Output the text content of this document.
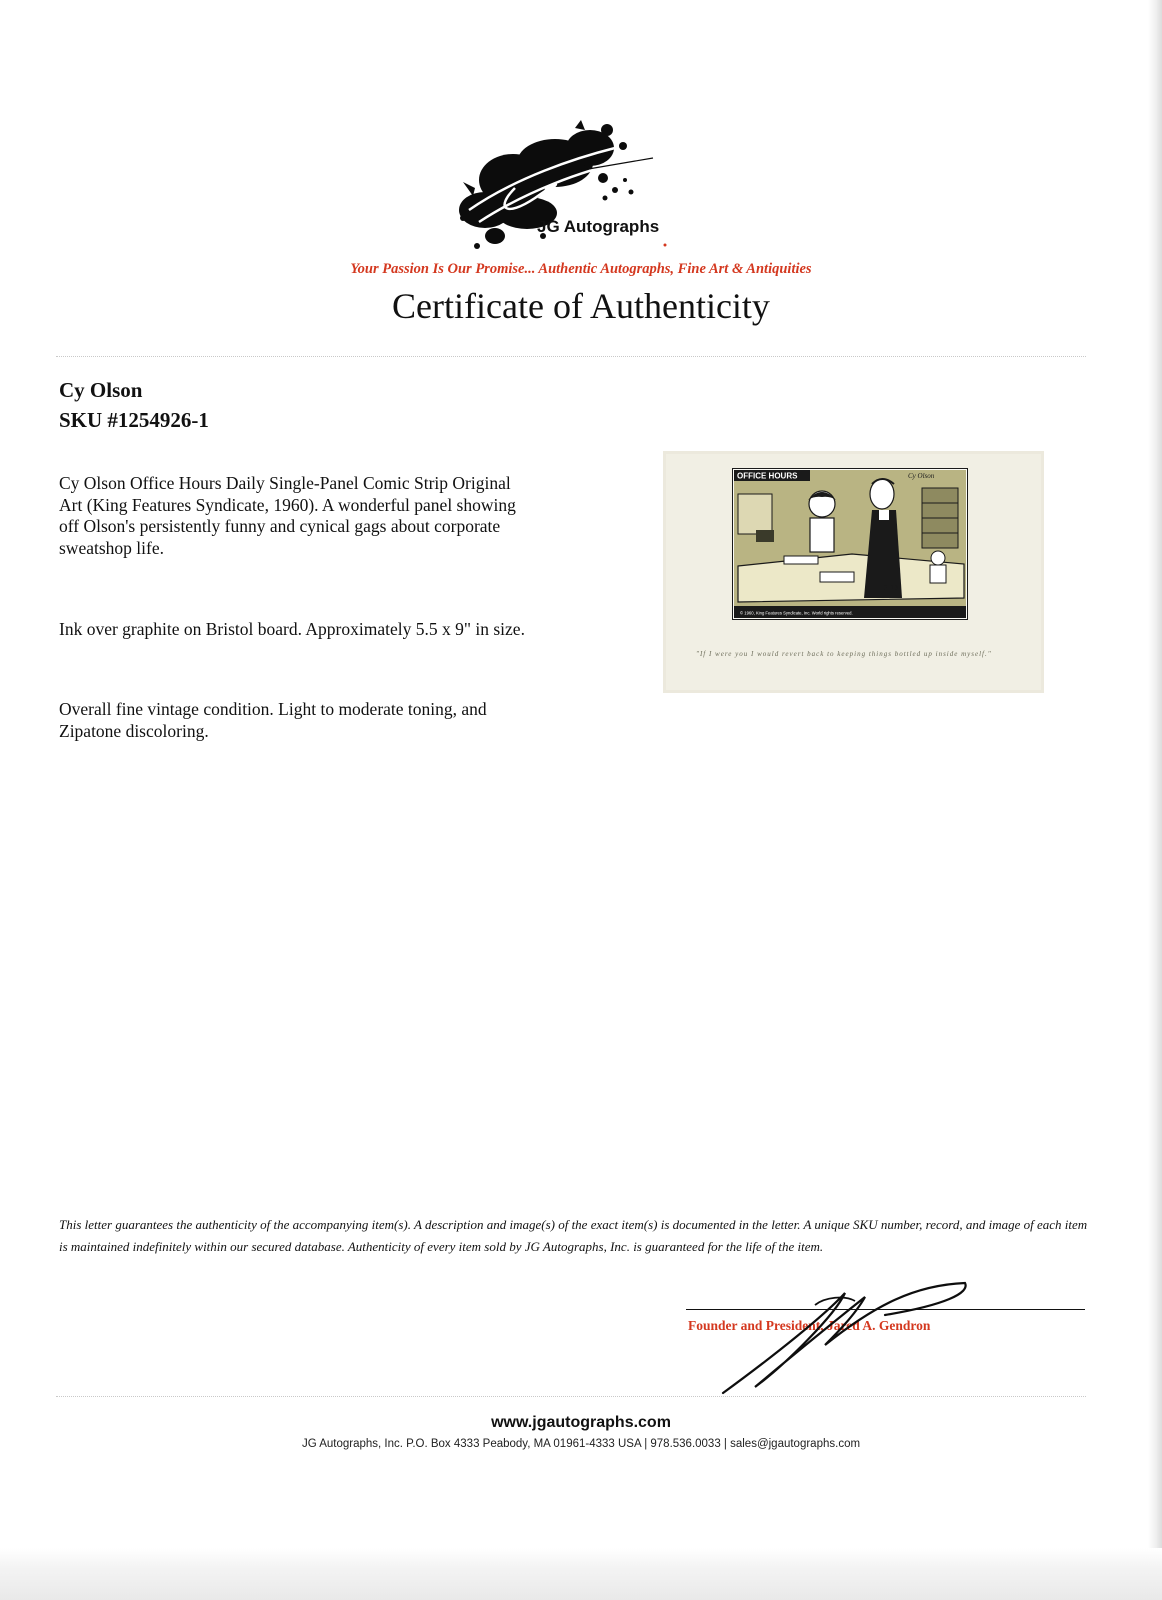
JG Autographs
Your Passion Is Our Promise... Authentic Autographs, Fine Art & Antiquities
Certificate of Authenticity
Cy Olson
SKU #1254926-1
Cy Olson Office Hours Daily Single-Panel Comic Strip Original Art (King Features Syndicate, 1960). A wonderful panel showing off Olson's persistently funny and cynical gags about corporate sweatshop life.
Ink over graphite on Bristol board. Approximately 5.5 x 9" in size.
Overall fine vintage condition. Light to moderate toning, and Zipatone discoloring.
OFFICE HOURS	Cy Olson
2-13
© 1960, King Features Syndicate, Inc. World rights reserved.
"If I were you I would revert back to keeping things bottled up inside myself."
This letter guarantees the authenticity of the accompanying item(s). A description and image(s) of the exact item(s) is documented in the letter. A unique SKU number, record, and image of each item is maintained indefinitely within our secured database. Authenticity of every item sold by JG Autographs, Inc. is guaranteed for the life of the item.
Founder and President, Jared A. Gendron
www.jgautographs.com
JG Autographs, Inc. P.O. Box 4333 Peabody, MA 01961-4333 USA | 978.536.0033 | sales@jgautographs.com
